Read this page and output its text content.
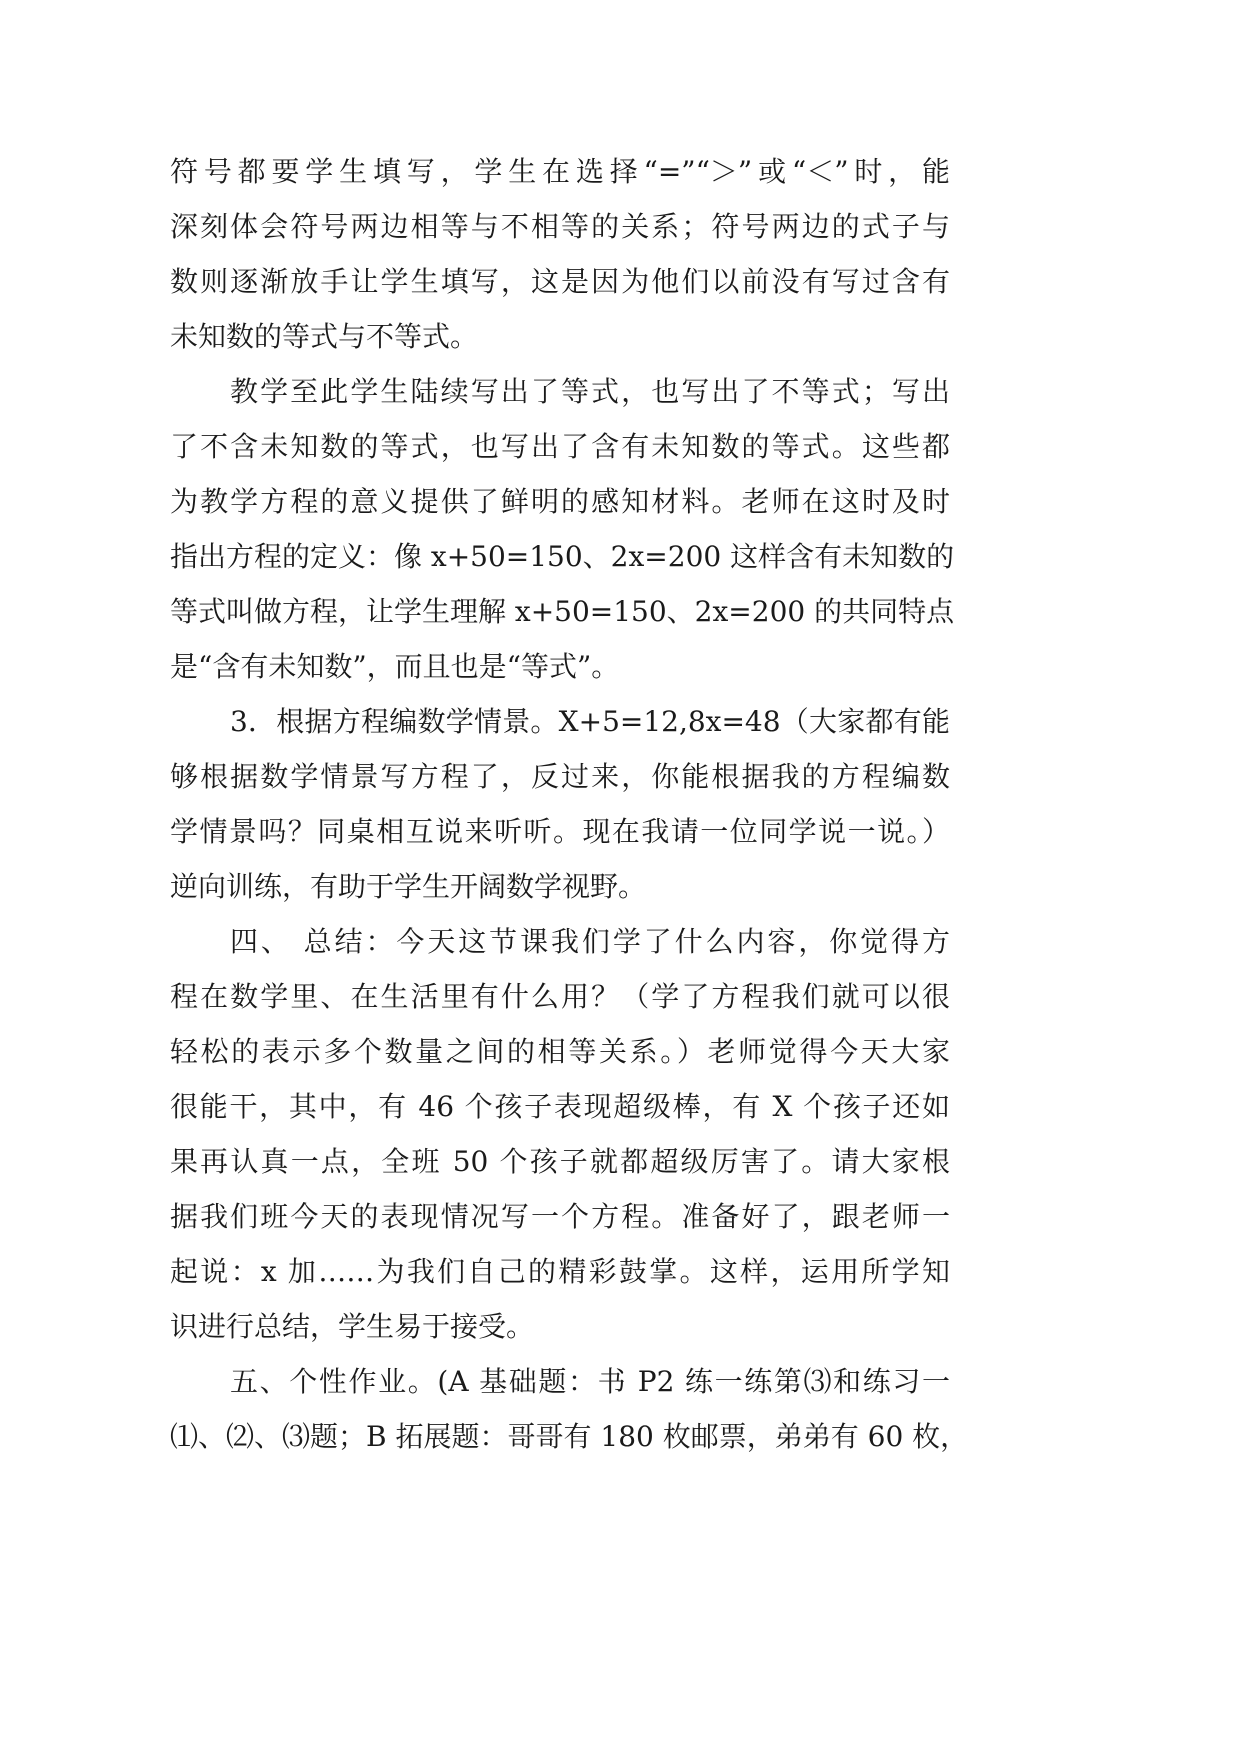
符号都要学生填写，学生在选择“=”“＞”或“＜”时，能
深刻体会符号两边相等与不相等的关系；符号两边的式子与
数则逐渐放手让学生填写，这是因为他们以前没有写过含有
未知数的等式与不等式。
教学至此学生陆续写出了等式，也写出了不等式；写出
了不含未知数的等式，也写出了含有未知数的等式。这些都
为教学方程的意义提供了鲜明的感知材料。老师在这时及时
指出方程的定义：像 x+50=150、2x=200 这样含有未知数的
等式叫做方程，让学生理解 x+50=150、2x=200 的共同特点
是“含有未知数”，而且也是“等式”。
3．根据方程编数学情景。X+5=12,8x=48（大家都有能
够根据数学情景写方程了，反过来，你能根据我的方程编数
学情景吗？同桌相互说来听听。现在我请一位同学说一说。）
逆向训练，有助于学生开阔数学视野。
四、 总结：今天这节课我们学了什么内容，你觉得方
程在数学里、在生活里有什么用？（学了方程我们就可以很
轻松的表示多个数量之间的相等关系。）老师觉得今天大家
很能干，其中，有 46 个孩子表现超级棒，有 X 个孩子还如
果再认真一点，全班 50 个孩子就都超级厉害了。请大家根
据我们班今天的表现情况写一个方程。准备好了，跟老师一
起说：x 加……为我们自己的精彩鼓掌。这样，运用所学知
识进行总结，学生易于接受。
五、个性作业。(A 基础题：书 P2 练一练第⑶和练习一
⑴、⑵、⑶题；B 拓展题：哥哥有 180 枚邮票，弟弟有 60 枚，
